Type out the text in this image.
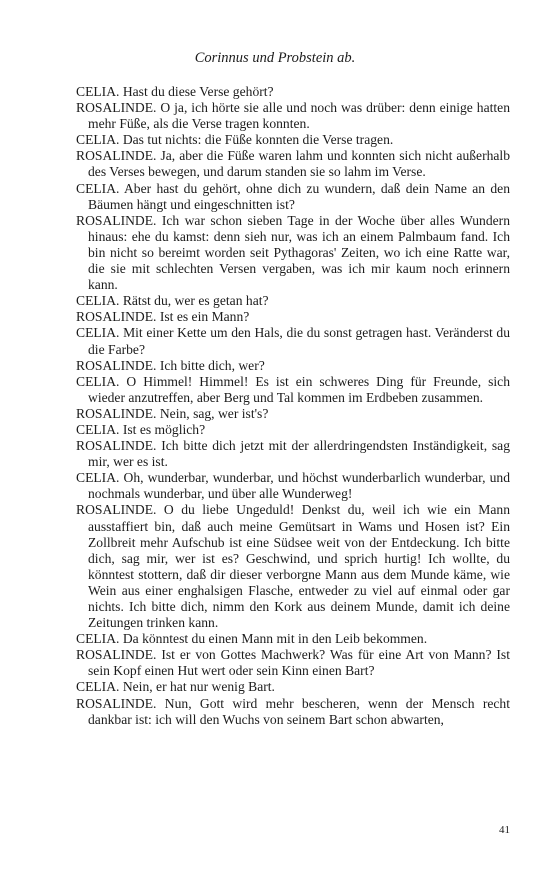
Corinnus und Probstein ab.
CELIA. Hast du diese Verse gehört?
ROSALINDE. O ja, ich hörte sie alle und noch was drüber: denn einige hatten mehr Füße, als die Verse tragen konnten.
CELIA. Das tut nichts: die Füße konnten die Verse tragen.
ROSALINDE. Ja, aber die Füße waren lahm und konnten sich nicht außerhalb des Verses bewegen, und darum standen sie so lahm im Verse.
CELIA. Aber hast du gehört, ohne dich zu wundern, daß dein Name an den Bäumen hängt und eingeschnitten ist?
ROSALINDE. Ich war schon sieben Tage in der Woche über alles Wundern hinaus: ehe du kamst: denn sieh nur, was ich an einem Palmbaum fand. Ich bin nicht so bereimt worden seit Pythagoras' Zeiten, wo ich eine Ratte war, die sie mit schlechten Versen vergaben, was ich mir kaum noch erinnern kann.
CELIA. Rätst du, wer es getan hat?
ROSALINDE. Ist es ein Mann?
CELIA. Mit einer Kette um den Hals, die du sonst getragen hast. Veränderst du die Farbe?
ROSALINDE. Ich bitte dich, wer?
CELIA. O Himmel! Himmel! Es ist ein schweres Ding für Freunde, sich wieder anzutreffen, aber Berg und Tal kommen im Erdbeben zusammen.
ROSALINDE. Nein, sag, wer ist's?
CELIA. Ist es möglich?
ROSALINDE. Ich bitte dich jetzt mit der allerdringendsten Inständigkeit, sag mir, wer es ist.
CELIA. Oh, wunderbar, wunderbar, und höchst wunderbarlich wunderbar, und nochmals wunderbar, und über alle Wunderweg!
ROSALINDE. O du liebe Ungeduld! Denkst du, weil ich wie ein Mann ausstaffiert bin, daß auch meine Gemütsart in Wams und Hosen ist? Ein Zollbreit mehr Aufschub ist eine Südsee weit von der Entdeckung. Ich bitte dich, sag mir, wer ist es? Geschwind, und sprich hurtig! Ich wollte, du könntest stottern, daß dir dieser verborgne Mann aus dem Munde käme, wie Wein aus einer enghalsigen Flasche, entweder zu viel auf einmal oder gar nichts. Ich bitte dich, nimm den Kork aus deinem Munde, damit ich deine Zeitungen trinken kann.
CELIA. Da könntest du einen Mann mit in den Leib bekommen.
ROSALINDE. Ist er von Gottes Machwerk? Was für eine Art von Mann? Ist sein Kopf einen Hut wert oder sein Kinn einen Bart?
CELIA. Nein, er hat nur wenig Bart.
ROSALINDE. Nun, Gott wird mehr bescheren, wenn der Mensch recht dankbar ist: ich will den Wuchs von seinem Bart schon abwarten,
41
